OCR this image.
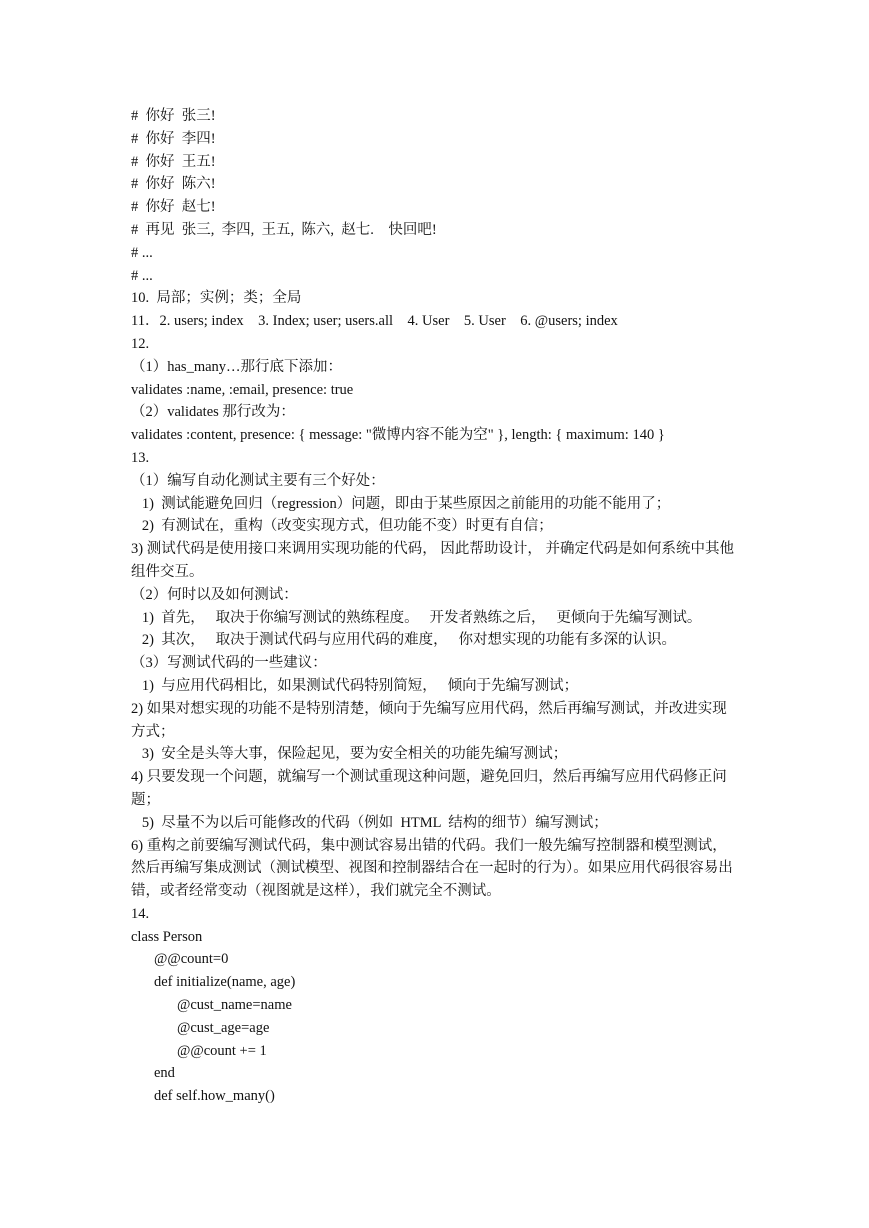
#  你好  张三!
#  你好  李四!
#  你好  王五!
#  你好  陈六!
#  你好  赵七!
#  再见  张三,  李四,  王五,  陈六,  赵七.    快回吧!
# ...
# ...
10.  局部；实例；类；全局
11．2. users; index    3. Index; user; users.all    4. User    5. User    6. @users; index
12.
（1）has_many…那行底下添加：
validates :name, :email, presence: true
（2）validates 那行改为：
validates :content, presence: { message: "微博内容不能为空" }, length: { maximum: 140 }
13.
（1）编写自动化测试主要有三个好处：
1)  测试能避免回归（regression）问题，即由于某些原因之前能用的功能不能用了；
2)  有测试在，重构（改变实现方式，但功能不变）时更有自信；
3) 测试代码是使用接口来调用实现功能的代码， 因此帮助设计， 并确定代码是如何系统中其他组件交互。
（2）何时以及如何测试：
1)  首先，   取决于你编写测试的熟练程度。   开发者熟练之后，   更倾向于先编写测试。
2)  其次，   取决于测试代码与应用代码的难度，   你对想实现的功能有多深的认识。
（3）写测试代码的一些建议：
1)  与应用代码相比，如果测试代码特别简短，   倾向于先编写测试；
2) 如果对想实现的功能不是特别清楚，倾向于先编写应用代码，然后再编写测试，并改进实现方式；
3)  安全是头等大事，保险起见，要为安全相关的功能先编写测试；
4) 只要发现一个问题，就编写一个测试重现这种问题，避免回归，然后再编写应用代码修正问题；
5)  尽量不为以后可能修改的代码（例如  HTML  结构的细节）编写测试；
6) 重构之前要编写测试代码，集中测试容易出错的代码。我们一般先编写控制器和模型测试，然后再编写集成测试（测试模型、视图和控制器结合在一起时的行为）。如果应用代码很容易出错，或者经常变动（视图就是这样），我们就完全不测试。
14.
class Person
@@count=0
def initialize(name, age)
@cust_name=name
@cust_age=age
@@count += 1
end
def self.how_many()
